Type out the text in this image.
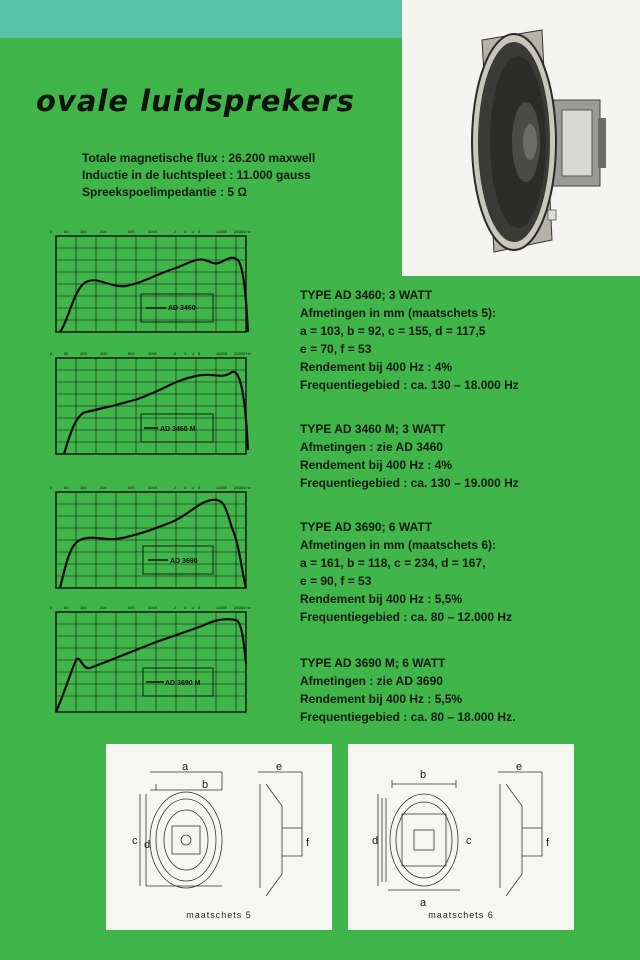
ovale luidsprekers
Totale magnetische flux : 26.200 maxwell
Inductie in de luchtspleet : 11.000 gauss
Spreekspoelimpedantie : 5 Ω
0	50	100	200	500	1000	2 3 4 5	10000 20000 Hz
AD 3460
0	50	100	200	500	1000	2 3 4 5	10000 20000 Hz
AD 3460 M
0	50	100	200	500	1000	2 3 4 5	10000 20000 Hz
AD 3690
0	50	100	200	500	1000	2 3 4 5	10000 20000 Hz
AD 3690 M
TYPE AD 3460; 3 WATT
Afmetingen in mm (maatschets 5):
a = 103, b = 92, c = 155, d = 117,5
e = 70, f = 53
Rendement bij 400 Hz : 4%
Frequentiegebied : ca. 130 – 18.000 Hz
TYPE AD 3460 M; 3 WATT
Afmetingen : zie AD 3460
Rendement bij 400 Hz : 4%
Frequentiegebied : ca. 130 – 19.000 Hz
TYPE AD 3690; 6 WATT
Afmetingen in mm (maatschets 6):
a = 161, b = 118, c = 234, d = 167,
e = 90, f = 53
Rendement bij 400 Hz : 5,5%
Frequentiegebied : ca. 80 – 12.000 Hz
TYPE AD 3690 M; 6 WATT
Afmetingen : zie AD 3690
Rendement bij 400 Hz : 5,5%
Frequentiegebied : ca. 80 – 18.000 Hz.
a
b
c d
e
f
maatschets 5
b
a
c
d
e
f
maatschets 6
